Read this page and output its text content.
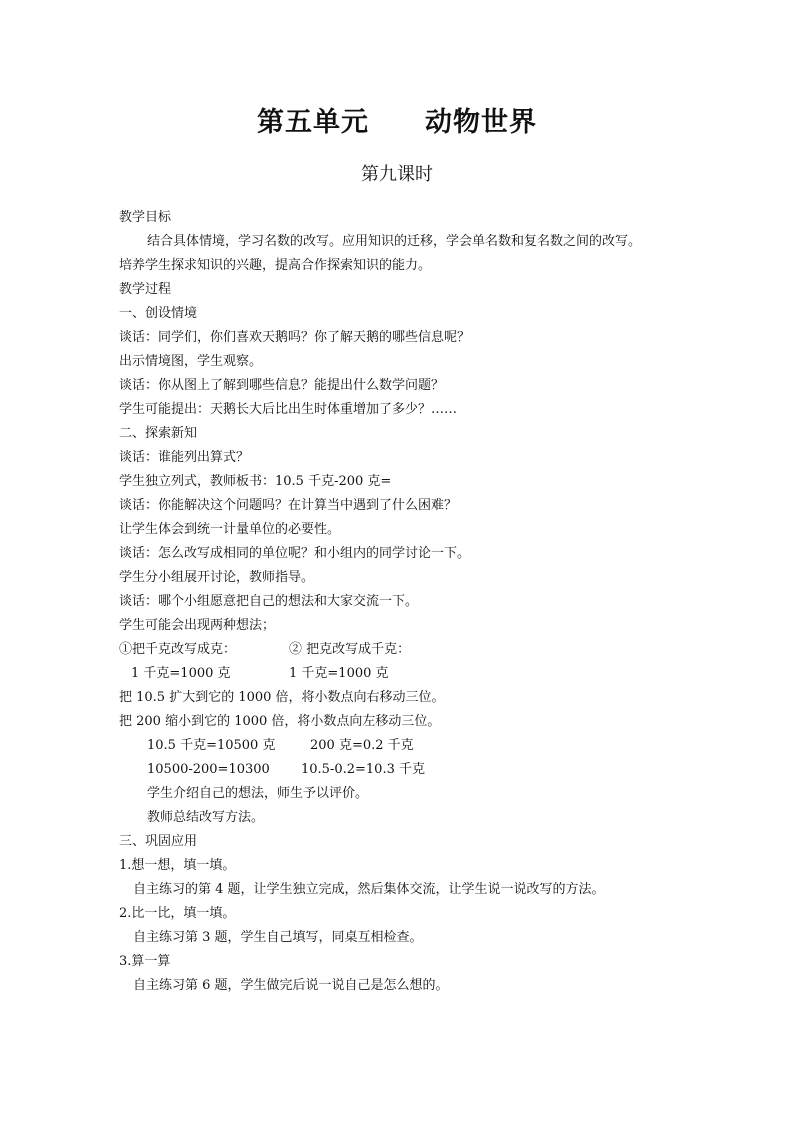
第五单元　　动物世界
第九课时
教学目标
结合具体情境，学习名数的改写。应用知识的迁移，学会单名数和复名数之间的改写。
培养学生探求知识的兴趣，提高合作探索知识的能力。
教学过程
一、创设情境
谈话：同学们，你们喜欢天鹅吗？你了解天鹅的哪些信息呢？
出示情境图，学生观察。
谈话：你从图上了解到哪些信息？能提出什么数学问题？
学生可能提出：天鹅长大后比出生时体重增加了多少？……
二、探索新知
谈话：谁能列出算式？
学生独立列式，教师板书：10.5 千克-200 克=
谈话：你能解决这个问题吗？在计算当中遇到了什么困难？
让学生体会到统一计量单位的必要性。
谈话：怎么改写成相同的单位呢？和小组内的同学讨论一下。
学生分小组展开讨论，教师指导。
谈话：哪个小组愿意把自己的想法和大家交流一下。
学生可能会出现两种想法；
①把千克改写成克：	② 把克改写成千克：
1 千克=1000 克	1 千克=1000 克
把 10.5 扩大到它的 1000 倍，将小数点向右移动三位。
把 200 缩小到它的 1000 倍，将小数点向左移动三位。
10.5 千克=10500 克	200 克=0.2 千克
10500-200=10300	10.5-0.2=10.3 千克
学生介绍自己的想法，师生予以评价。
教师总结改写方法。
三、巩固应用
1.想一想，填一填。
自主练习的第 4 题，让学生独立完成，然后集体交流，让学生说一说改写的方法。
2.比一比，填一填。
自主练习第 3 题，学生自己填写，同桌互相检查。
3.算一算
自主练习第 6 题，学生做完后说一说自己是怎么想的。
